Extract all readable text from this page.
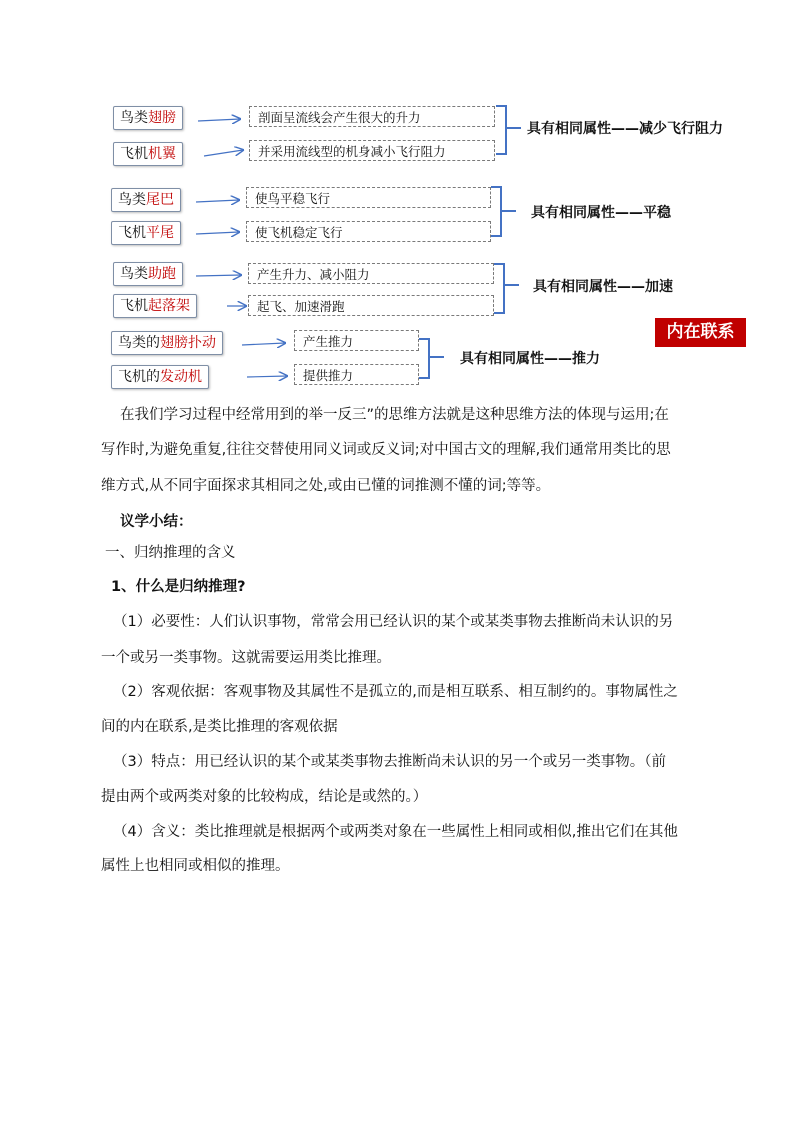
鸟类翅膀
飞机机翼
剖面呈流线会产生很大的升力
并采用流线型的机身减小飞行阻力
具有相同属性——减少飞行阻力
鸟类尾巴
飞机平尾
使鸟平稳飞行
使飞机稳定飞行
具有相同属性——平稳
鸟类助跑
飞机起落架
产生升力、减小阻力
起飞、加速滑跑
具有相同属性——加速
鸟类的翅膀扑动
飞机的发动机
产生推力
提供推力
具有相同属性——推力
内在联系
在我们学习过程中经常用到的举一反三”的思维方法就是这种思维方法的体现与运用;在
写作时,为避免重复,往往交替使用同义词或反义词;对中国古文的理解,我们通常用类比的思
维方式,从不同宇面探求其相同之处,或由已懂的词推测不懂的词;等等。
议学小结：
一、归纳推理的含义
1、什么是归纳推理?
（1）必要性：人们认识事物，常常会用已经认识的某个或某类事物去推断尚未认识的另
一个或另一类事物。这就需要运用类比推理。
（2）客观依据：客观事物及其属性不是孤立的,而是相互联系、相互制约的。事物属性之
间的内在联系,是类比推理的客观依据
（3）特点：用已经认识的某个或某类事物去推断尚未认识的另一个或另一类事物。（前
提由两个或两类对象的比较构成，结论是或然的。）
（4）含义：类比推理就是根据两个或两类对象在一些属性上相同或相似,推出它们在其他
属性上也相同或相似的推理。
